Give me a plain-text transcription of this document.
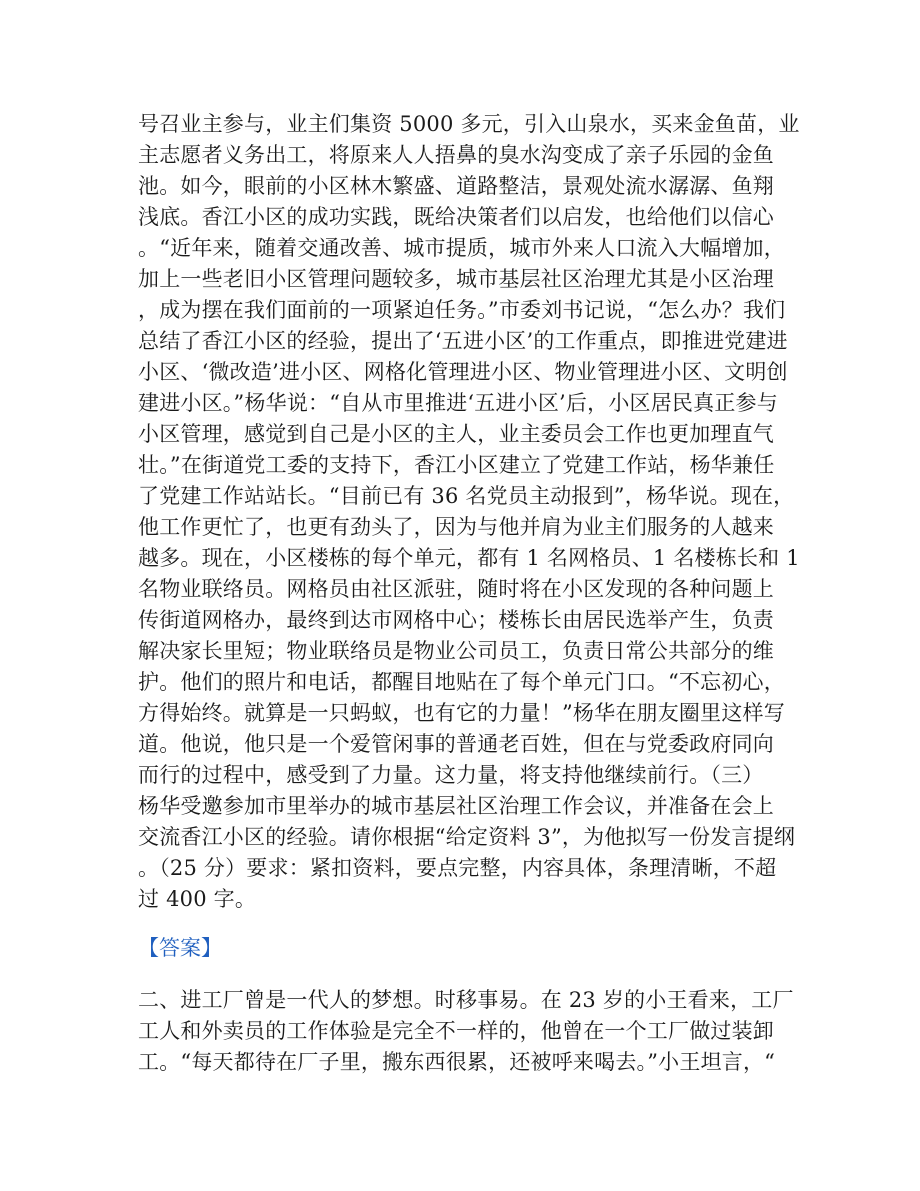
号召业主参与，业主们集资 5000 多元，引入山泉水，买来金鱼苗，业
主志愿者义务出工，将原来人人捂鼻的臭水沟变成了亲子乐园的金鱼
池。如今，眼前的小区林木繁盛、道路整洁，景观处流水潺潺、鱼翔
浅底。香江小区的成功实践，既给决策者们以启发，也给他们以信心
。“近年来，随着交通改善、城市提质，城市外来人口流入大幅增加，
加上一些老旧小区管理问题较多，城市基层社区治理尤其是小区治理
，成为摆在我们面前的一项紧迫任务。”市委刘书记说，“怎么办？我们
总结了香江小区的经验，提出了‘五进小区’的工作重点，即推进党建进
小区、‘微改造’进小区、网格化管理进小区、物业管理进小区、文明创
建进小区。”杨华说：“自从市里推进‘五进小区’后，小区居民真正参与
小区管理，感觉到自己是小区的主人，业主委员会工作也更加理直气
壮。”在街道党工委的支持下，香江小区建立了党建工作站，杨华兼任
了党建工作站站长。“目前已有 36 名党员主动报到”，杨华说。现在，
他工作更忙了，也更有劲头了，因为与他并肩为业主们服务的人越来
越多。现在，小区楼栋的每个单元，都有 1 名网格员、1 名楼栋长和 1
名物业联络员。网格员由社区派驻，随时将在小区发现的各种问题上
传街道网格办，最终到达市网格中心；楼栋长由居民选举产生，负责
解决家长里短；物业联络员是物业公司员工，负责日常公共部分的维
护。他们的照片和电话，都醒目地贴在了每个单元门口。“不忘初心，
方得始终。就算是一只蚂蚁，也有它的力量！”杨华在朋友圈里这样写
道。他说，他只是一个爱管闲事的普通老百姓，但在与党委政府同向
而行的过程中，感受到了力量。这力量，将支持他继续前行。（三）
杨华受邀参加市里举办的城市基层社区治理工作会议，并准备在会上
交流香江小区的经验。请你根据“给定资料 3”，为他拟写一份发言提纲
。（25 分）要求：紧扣资料，要点完整，内容具体，条理清晰，不超
过 400 字。
【答案】
二、进工厂曾是一代人的梦想。时移事易。在 23 岁的小王看来，工厂
工人和外卖员的工作体验是完全不一样的，他曾在一个工厂做过装卸
工。“每天都待在厂子里，搬东西很累，还被呼来喝去。”小王坦言，“
